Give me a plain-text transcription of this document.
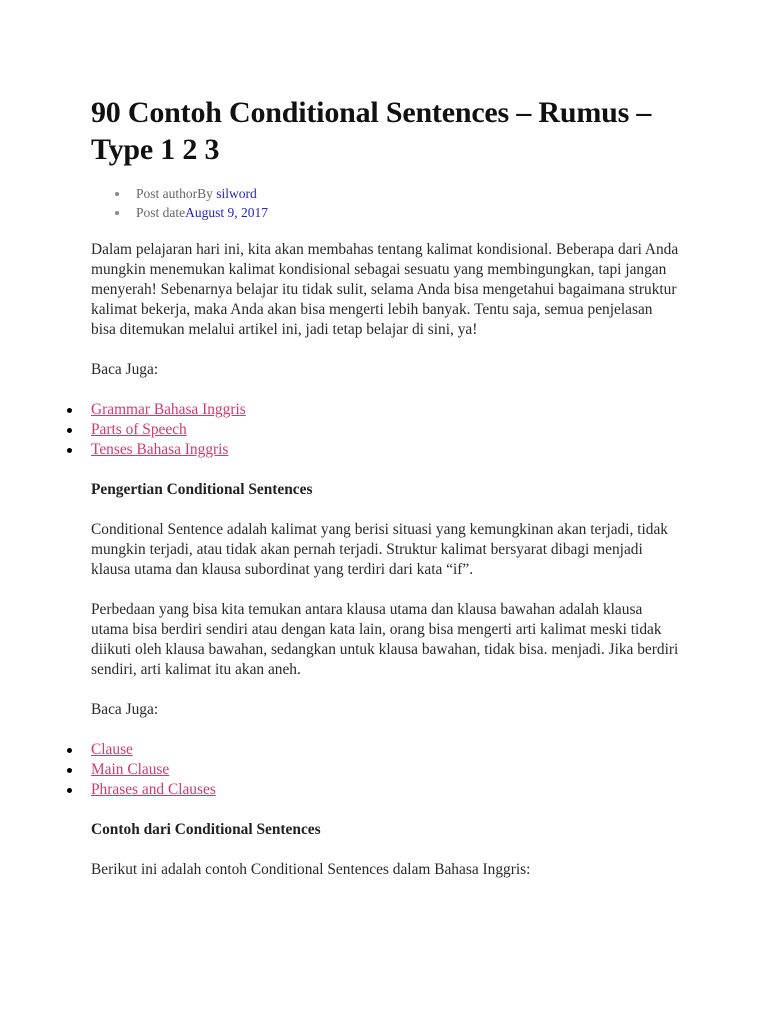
90 Contoh Conditional Sentences – Rumus – Type 1 2 3
Post authorBy silword
Post dateAugust 9, 2017

Dalam pelajaran hari ini, kita akan membahas tentang kalimat kondisional. Beberapa dari Anda mungkin menemukan kalimat kondisional sebagai sesuatu yang membingungkan, tapi jangan menyerah! Sebenarnya belajar itu tidak sulit, selama Anda bisa mengetahui bagaimana struktur kalimat bekerja, maka Anda akan bisa mengerti lebih banyak. Tentu saja, semua penjelasan bisa ditemukan melalui artikel ini, jadi tetap belajar di sini, ya!

Baca Juga:

Grammar Bahasa Inggris
Parts of Speech
Tenses Bahasa Inggris
Pengertian Conditional Sentences

Conditional Sentence adalah kalimat yang berisi situasi yang kemungkinan akan terjadi, tidak mungkin terjadi, atau tidak akan pernah terjadi. Struktur kalimat bersyarat dibagi menjadi klausa utama dan klausa subordinat yang terdiri dari kata “if”.

Perbedaan yang bisa kita temukan antara klausa utama dan klausa bawahan adalah klausa utama bisa berdiri sendiri atau dengan kata lain, orang bisa mengerti arti kalimat meski tidak diikuti oleh klausa bawahan, sedangkan untuk klausa bawahan, tidak bisa. menjadi. Jika berdiri sendiri, arti kalimat itu akan aneh.

Baca Juga:

Clause
Main Clause
Phrases and Clauses
Contoh dari Conditional Sentences

Berikut ini adalah contoh Conditional Sentences dalam Bahasa Inggris:
